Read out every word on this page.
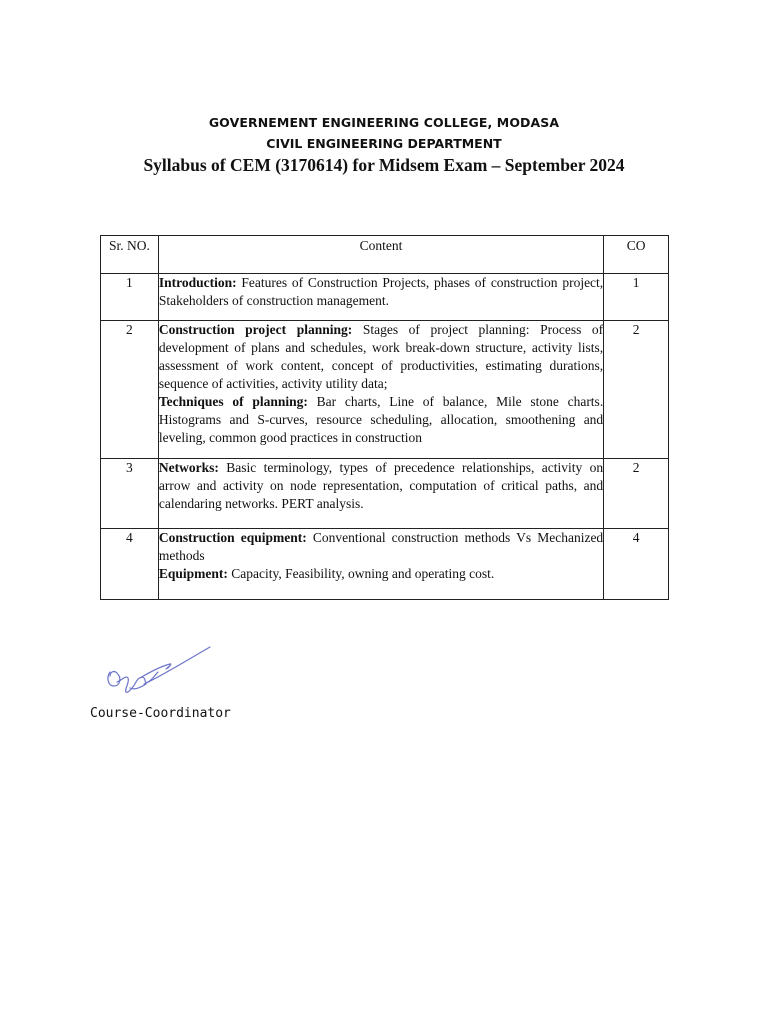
GOVERNEMENT ENGINEERING COLLEGE, MODASA
CIVIL ENGINEERING DEPARTMENT
Syllabus of CEM (3170614) for Midsem Exam – September 2024
Sr. NO.	Content	CO
1	Introduction: Features of Construction Projects, phases of construction project, Stakeholders of construction management.	1
2	Construction project planning: Stages of project planning: Process of development of plans and schedules, work break-down structure, activity lists, assessment of work content, concept of productivities, estimating durations, sequence of activities, activity utility data;
Techniques of planning: Bar charts, Line of balance, Mile stone charts. Histograms and S-curves, resource scheduling, allocation, smoothening and leveling, common good practices in construction	2
3	Networks: Basic terminology, types of precedence relationships, activity on arrow and activity on node representation, computation of critical paths, and calendaring networks. PERT analysis.	2
4	Construction equipment: Conventional construction methods Vs Mechanized methods
Equipment: Capacity, Feasibility, owning and operating cost.	4
Course-Coordinator
